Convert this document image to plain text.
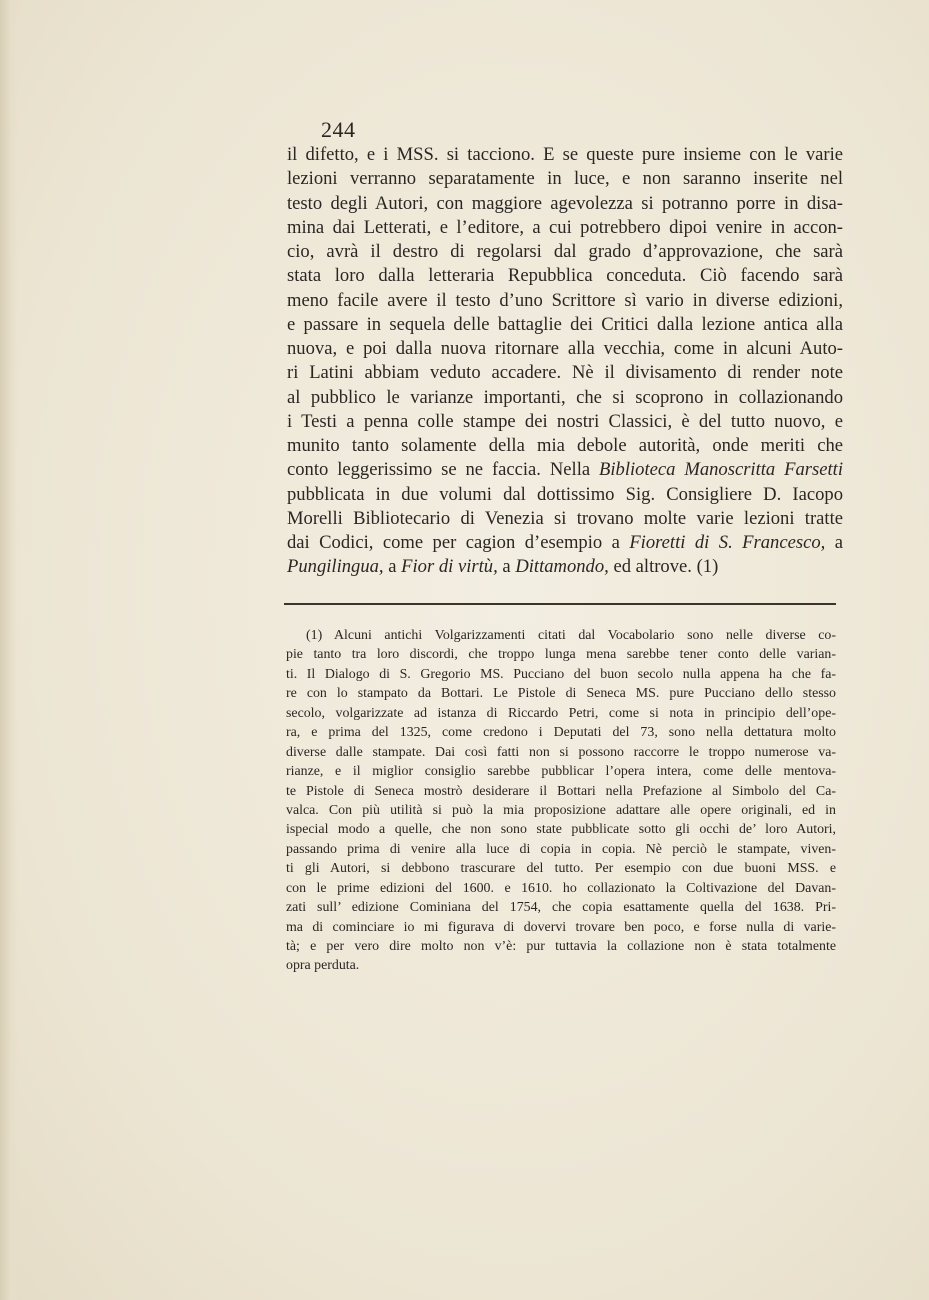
244
il difetto, e i MSS. si tacciono. E se queste pure insieme con le varie
lezioni verranno separatamente in luce, e non saranno inserite nel
testo degli Autori, con maggiore agevolezza si potranno porre in disa-
mina dai Letterati, e l’editore, a cui potrebbero dipoi venire in accon-
cio, avrà il destro di regolarsi dal grado d’approvazione, che sarà
stata loro dalla letteraria Repubblica conceduta. Ciò facendo sarà
meno facile avere il testo d’uno Scrittore sì vario in diverse edizioni,
e passare in sequela delle battaglie dei Critici dalla lezione antica alla
nuova, e poi dalla nuova ritornare alla vecchia, come in alcuni Auto-
ri Latini abbiam veduto accadere. Nè il divisamento di render note
al pubblico le varianze importanti, che si scoprono in collazionando
i Testi a penna colle stampe dei nostri Classici, è del tutto nuovo, e
munito tanto solamente della mia debole autorità, onde meriti che
conto leggerissimo se ne faccia. Nella Biblioteca Manoscritta Farsetti
pubblicata in due volumi dal dottissimo Sig. Consigliere D. Iacopo
Morelli Bibliotecario di Venezia si trovano molte varie lezioni tratte
dai Codici, come per cagion d’esempio a Fioretti di S. Francesco, a
Pungilingua, a Fior di virtù, a Dittamondo, ed altrove. (1)
(1) Alcuni antichi Volgarizzamenti citati dal Vocabolario sono nelle diverse co-
pie tanto tra loro discordi, che troppo lunga mena sarebbe tener conto delle varian-
ti. Il Dialogo di S. Gregorio MS. Pucciano del buon secolo nulla appena ha che fa-
re con lo stampato da Bottari. Le Pistole di Seneca MS. pure Pucciano dello stesso
secolo, volgarizzate ad istanza di Riccardo Petri, come si nota in principio dell’ope-
ra, e prima del 1325, come credono i Deputati del 73, sono nella dettatura molto
diverse dalle stampate. Dai così fatti non si possono raccorre le troppo numerose va-
rianze, e il miglior consiglio sarebbe pubblicar l’opera intera, come delle mentova-
te Pistole di Seneca mostrò desiderare il Bottari nella Prefazione al Simbolo del Ca-
valca. Con più utilità si può la mia proposizione adattare alle opere originali, ed in
ispecial modo a quelle, che non sono state pubblicate sotto gli occhi de’ loro Autori,
passando prima di venire alla luce di copia in copia. Nè perciò le stampate, viven-
ti gli Autori, si debbono trascurare del tutto. Per esempio con due buoni MSS. e
con le prime edizioni del 1600. e 1610. ho collazionato la Coltivazione del Davan-
zati sull’ edizione Cominiana del 1754, che copia esattamente quella del 1638. Pri-
ma di cominciare io mi figurava di dovervi trovare ben poco, e forse nulla di varie-
tà; e per vero dire molto non v’è: pur tuttavia la collazione non è stata totalmente
opra perduta.
